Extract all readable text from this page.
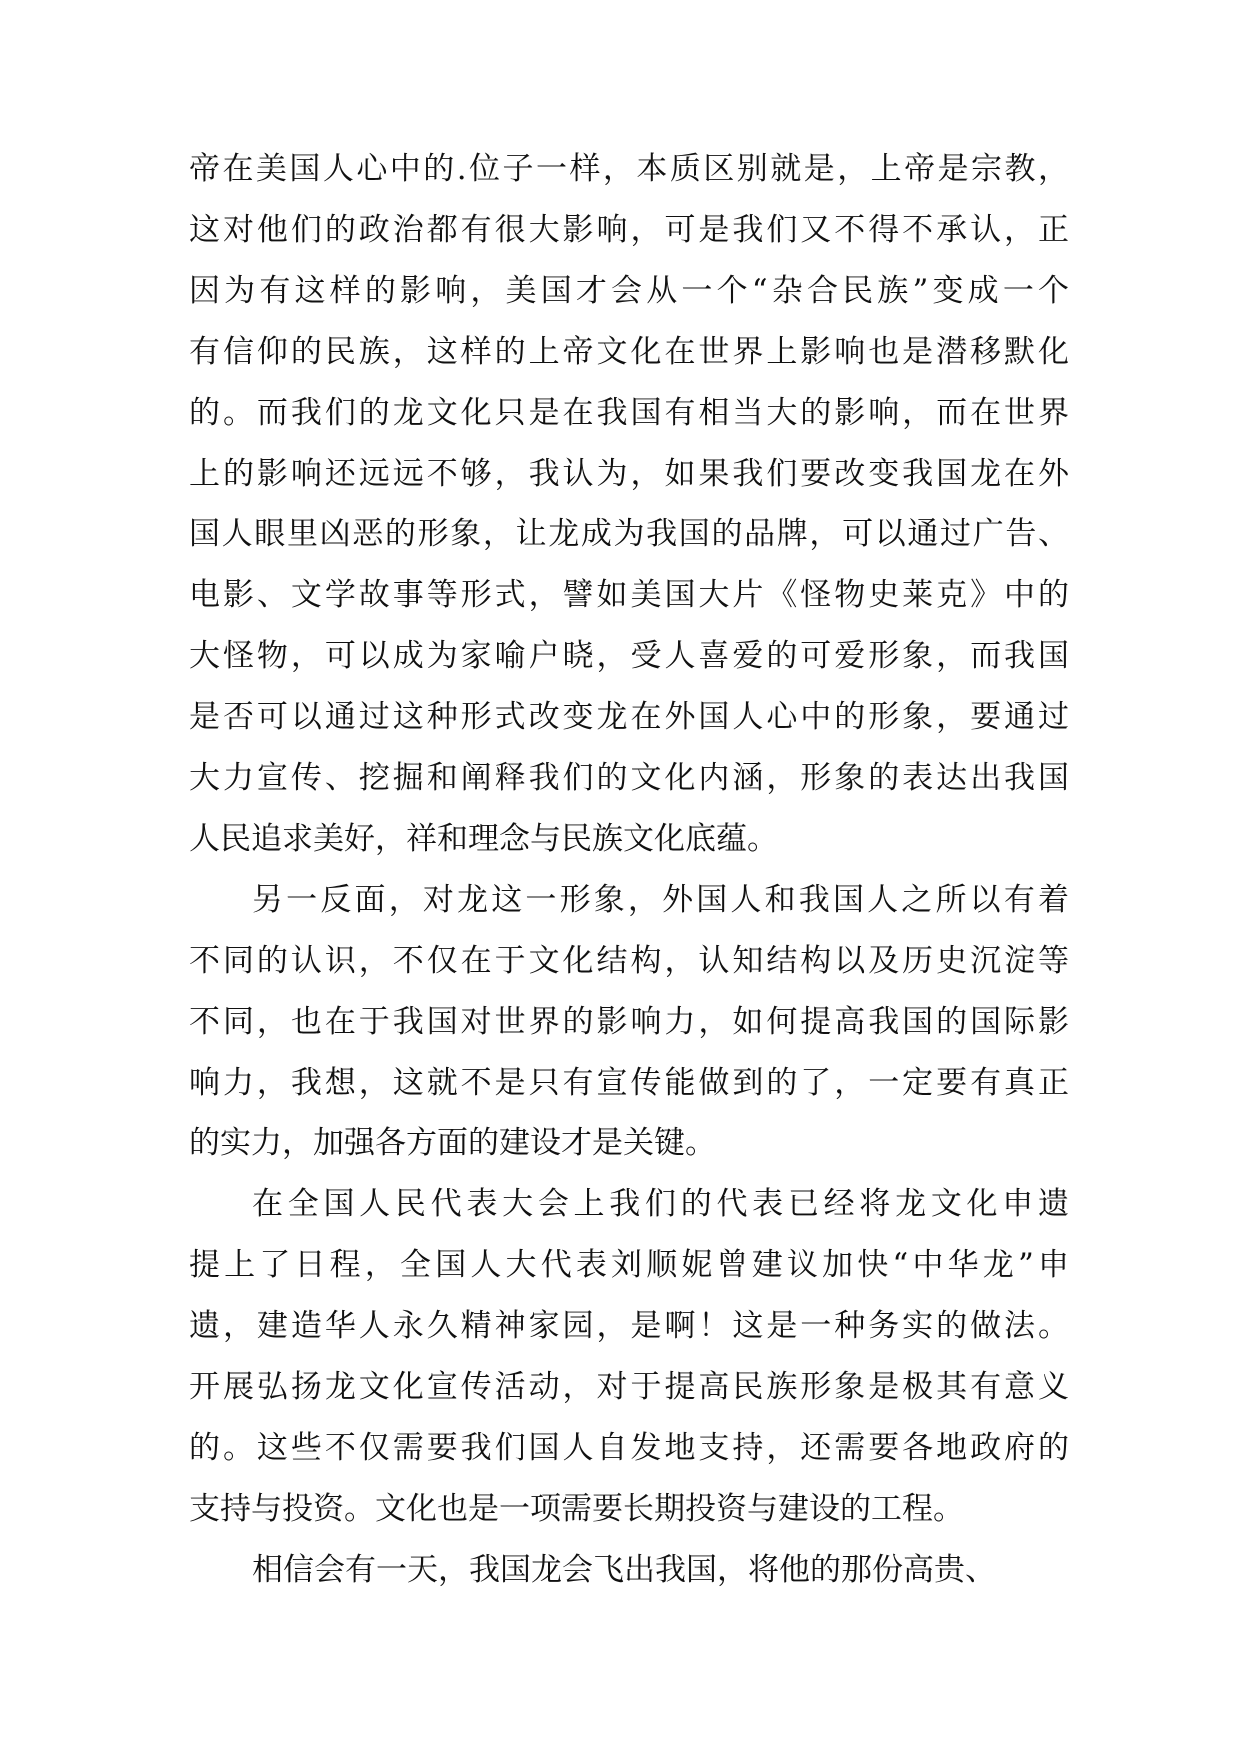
帝在美国人心中的.位子一样，本质区别就是，上帝是宗教，
这对他们的政治都有很大影响，可是我们又不得不承认，正
因为有这样的影响，美国才会从一个“杂合民族”变成一个
有信仰的民族，这样的上帝文化在世界上影响也是潜移默化
的。而我们的龙文化只是在我国有相当大的影响，而在世界
上的影响还远远不够，我认为，如果我们要改变我国龙在外
国人眼里凶恶的形象，让龙成为我国的品牌，可以通过广告、
电影、文学故事等形式，譬如美国大片《怪物史莱克》中的
大怪物，可以成为家喻户晓，受人喜爱的可爱形象，而我国
是否可以通过这种形式改变龙在外国人心中的形象，要通过
大力宣传、挖掘和阐释我们的文化内涵，形象的表达出我国
人民追求美好，祥和理念与民族文化底蕴。
另一反面，对龙这一形象，外国人和我国人之所以有着
不同的认识，不仅在于文化结构，认知结构以及历史沉淀等
不同，也在于我国对世界的影响力，如何提高我国的国际影
响力，我想，这就不是只有宣传能做到的了，一定要有真正
的实力，加强各方面的建设才是关键。
在全国人民代表大会上我们的代表已经将龙文化申遗
提上了日程，全国人大代表刘顺妮曾建议加快“中华龙”申
遗，建造华人永久精神家园，是啊！这是一种务实的做法。
开展弘扬龙文化宣传活动，对于提高民族形象是极其有意义
的。这些不仅需要我们国人自发地支持，还需要各地政府的
支持与投资。文化也是一项需要长期投资与建设的工程。
相信会有一天，我国龙会飞出我国，将他的那份高贵、
